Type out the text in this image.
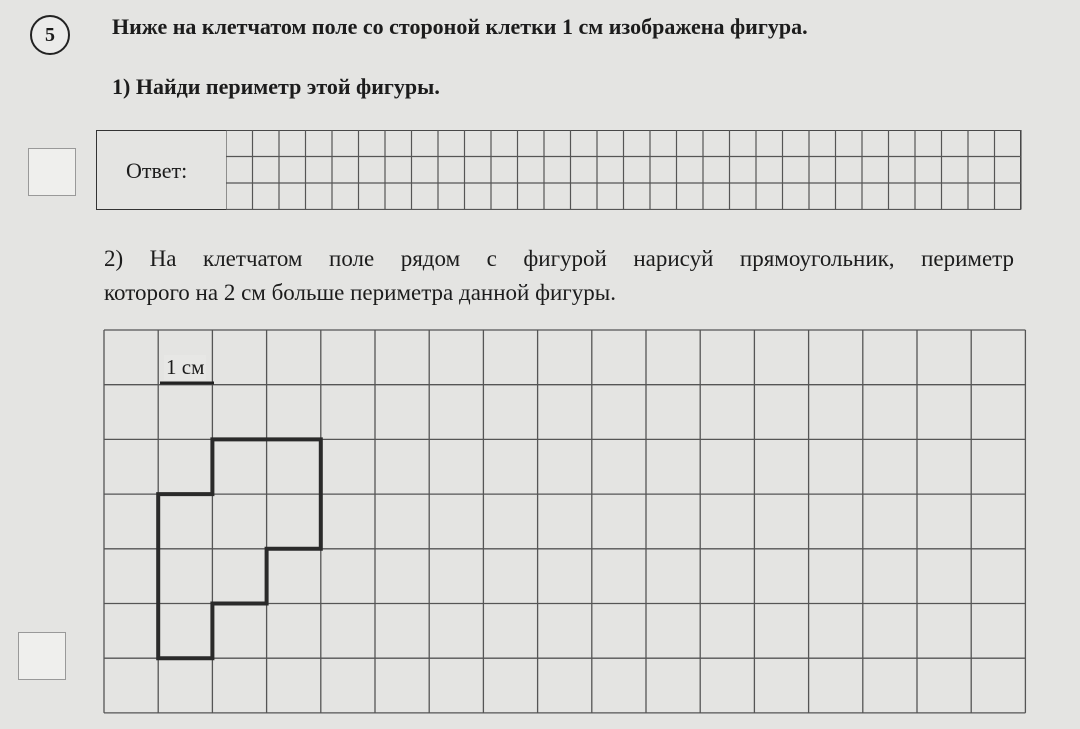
5	Ниже на клетчатом поле со стороной клетки 1 см изображена фигура.
1) Найди периметр этой фигуры.
Ответ:
2) На клетчатом поле рядом с фигурой нарисуй прямоугольник, периметр
которого на 2 см больше периметра данной фигуры.
1 см
